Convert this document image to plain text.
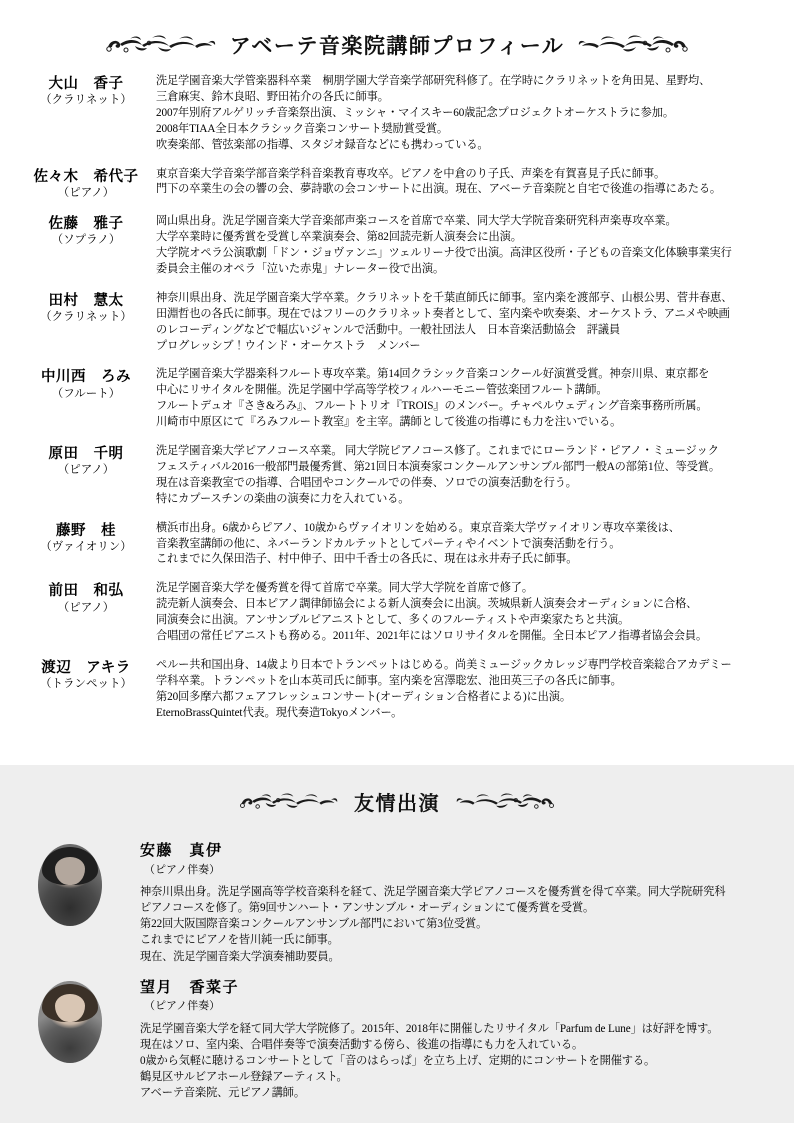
アベーテ音楽院講師プロフィール
大山　香子
（クラリネット）
洗足学園音楽大学管楽器科卒業　桐朋学園大学音楽学部研究科修了。在学時にクラリネットを角田晃、星野均、
三倉麻実、鈴木良昭、野田祐介の各氏に師事。
2007年別府アルゲリッチ音楽祭出演、ミッシャ・マイスキー60歳記念プロジェクトオーケストラに参加。
2008年TIAA全日本クラシック音楽コンサート奨励賞受賞。
吹奏楽部、管弦楽部の指導、スタジオ録音などにも携わっている。
佐々木　希代子
（ピアノ）
東京音楽大学音楽学部音楽学科音楽教育専攻卒。ピアノを中倉のり子氏、声楽を有賀喜見子氏に師事。
門下の卒業生の会の響の会、夢詩歌の会コンサートに出演。現在、アベーテ音楽院と自宅で後進の指導にあたる。
佐藤　雅子
（ソプラノ）
岡山県出身。洗足学園音楽大学音楽部声楽コースを首席で卒業、同大学大学院音楽研究科声楽専攻卒業。
大学卒業時に優秀賞を受賞し卒業演奏会、第82回読売新人演奏会に出演。
大学院オペラ公演歌劇「ドン・ジョヴァンニ」ツェルリーナ役で出演。高津区役所・子どもの音楽文化体験事業実行
委員会主催のオペラ「泣いた赤鬼」ナレーター役で出演。
田村　慧太
（クラリネット）
神奈川県出身、洗足学園音楽大学卒業。クラリネットを千葉直師氏に師事。室内楽を渡部亨、山根公男、菅井春恵、
田淵哲也の各氏に師事。現在ではフリーのクラリネット奏者として、室内楽や吹奏楽、オーケストラ、アニメや映画
のレコーディングなどで幅広いジャンルで活動中。一般社団法人　日本音楽活動協会　評議員
プログレッシブ！ウインド・オーケストラ　メンバー
中川西　ろみ
（フルート）
洗足学園音楽大学器楽科フルート専攻卒業。第14回クラシック音楽コンクール好演賞受賞。神奈川県、東京都を
中心にリサイタルを開催。洗足学園中学高等学校フィルハーモニー管弦楽団フルート講師。
フルートデュオ『さき&ろみ』、フルートトリオ『TROIS』のメンバー。チャペルウェディング音楽事務所所属。
川崎市中原区にて『ろみフルート教室』を主宰。講師として後進の指導にも力を注いでいる。
原田　千明
（ピアノ）
洗足学園音楽大学ピアノコース卒業。 同大学院ピアノコース修了。これまでにローランド・ピアノ・ミュージック
フェスティバル2016一般部門最優秀賞、第21回日本演奏家コンクールアンサンブル部門一般Aの部第1位、等受賞。
現在は音楽教室での指導、合唱団やコンクールでの伴奏、ソロでの演奏活動を行う。
特にカプースチンの楽曲の演奏に力を入れている。
藤野　桂
（ヴァイオリン）
横浜市出身。6歳からピアノ、10歳からヴァイオリンを始める。東京音楽大学ヴァイオリン専攻卒業後は、
音楽教室講師の他に、ネバーランドカルテットとしてパーティやイベントで演奏活動を行う。
これまでに久保田浩子、村中伸子、田中千香士の各氏に、現在は永井寿子氏に師事。
前田　和弘
（ピアノ）
洗足学園音楽大学を優秀賞を得て首席で卒業。同大学大学院を首席で修了。
読売新人演奏会、日本ピアノ調律師協会による新人演奏会に出演。茨城県新人演奏会オーディションに合格、
同演奏会に出演。アンサンブルピアニストとして、多くのフルーティストや声楽家たちと共演。
合唱団の常任ピアニストも務める。2011年、2021年にはソロリサイタルを開催。全日本ピアノ指導者協会会員。
渡辺　アキラ
（トランペット）
ペルー共和国出身、14歳より日本でトランペットはじめる。尚美ミュージックカレッジ専門学校音楽総合アカデミー
学科卒業。トランペットを山本英司氏に師事。室内楽を宮澤聡宏、池田英三子の各氏に師事。
第20回多摩六都フェアフレッシュコンサート(オーディション合格者による)に出演。
EternoBrassQuintet代表。現代奏造Tokyoメンバー。
友情出演
安藤　真伊
（ピアノ伴奏）
神奈川県出身。洗足学園高等学校音楽科を経て、洗足学園音楽大学ピアノコースを優秀賞を得て卒業。同大学院研究科
ピアノコースを修了。第9回サンハート・アンサンブル・オーディションにて優秀賞を受賞。
第22回大阪国際音楽コンクールアンサンブル部門において第3位受賞。
これまでにピアノを皆川純一氏に師事。
現在、洗足学園音楽大学演奏補助要員。
望月　香菜子
（ピアノ伴奏）
洗足学園音楽大学を経て同大学大学院修了。2015年、2018年に開催したリサイタル「Parfum de Lune」は好評を博す。
現在はソロ、室内楽、合唱伴奏等で演奏活動する傍ら、後進の指導にも力を入れている。
0歳から気軽に聴けるコンサートとして「音のはらっぱ」を立ち上げ、定期的にコンサートを開催する。
鶴見区サルビアホール登録アーティスト。
アベーテ音楽院、元ピアノ講師。
